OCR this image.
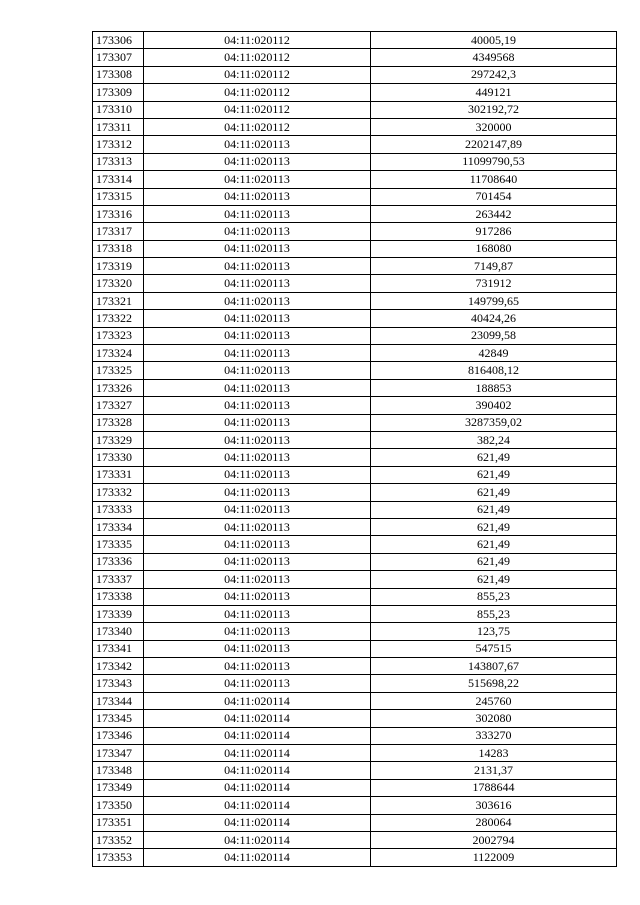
173306	04:11:020112	40005,19
173307	04:11:020112	4349568
173308	04:11:020112	297242,3
173309	04:11:020112	449121
173310	04:11:020112	302192,72
173311	04:11:020112	320000
173312	04:11:020113	2202147,89
173313	04:11:020113	11099790,53
173314	04:11:020113	11708640
173315	04:11:020113	701454
173316	04:11:020113	263442
173317	04:11:020113	917286
173318	04:11:020113	168080
173319	04:11:020113	7149,87
173320	04:11:020113	731912
173321	04:11:020113	149799,65
173322	04:11:020113	40424,26
173323	04:11:020113	23099,58
173324	04:11:020113	42849
173325	04:11:020113	816408,12
173326	04:11:020113	188853
173327	04:11:020113	390402
173328	04:11:020113	3287359,02
173329	04:11:020113	382,24
173330	04:11:020113	621,49
173331	04:11:020113	621,49
173332	04:11:020113	621,49
173333	04:11:020113	621,49
173334	04:11:020113	621,49
173335	04:11:020113	621,49
173336	04:11:020113	621,49
173337	04:11:020113	621,49
173338	04:11:020113	855,23
173339	04:11:020113	855,23
173340	04:11:020113	123,75
173341	04:11:020113	547515
173342	04:11:020113	143807,67
173343	04:11:020113	515698,22
173344	04:11:020114	245760
173345	04:11:020114	302080
173346	04:11:020114	333270
173347	04:11:020114	14283
173348	04:11:020114	2131,37
173349	04:11:020114	1788644
173350	04:11:020114	303616
173351	04:11:020114	280064
173352	04:11:020114	2002794
173353	04:11:020114	1122009
